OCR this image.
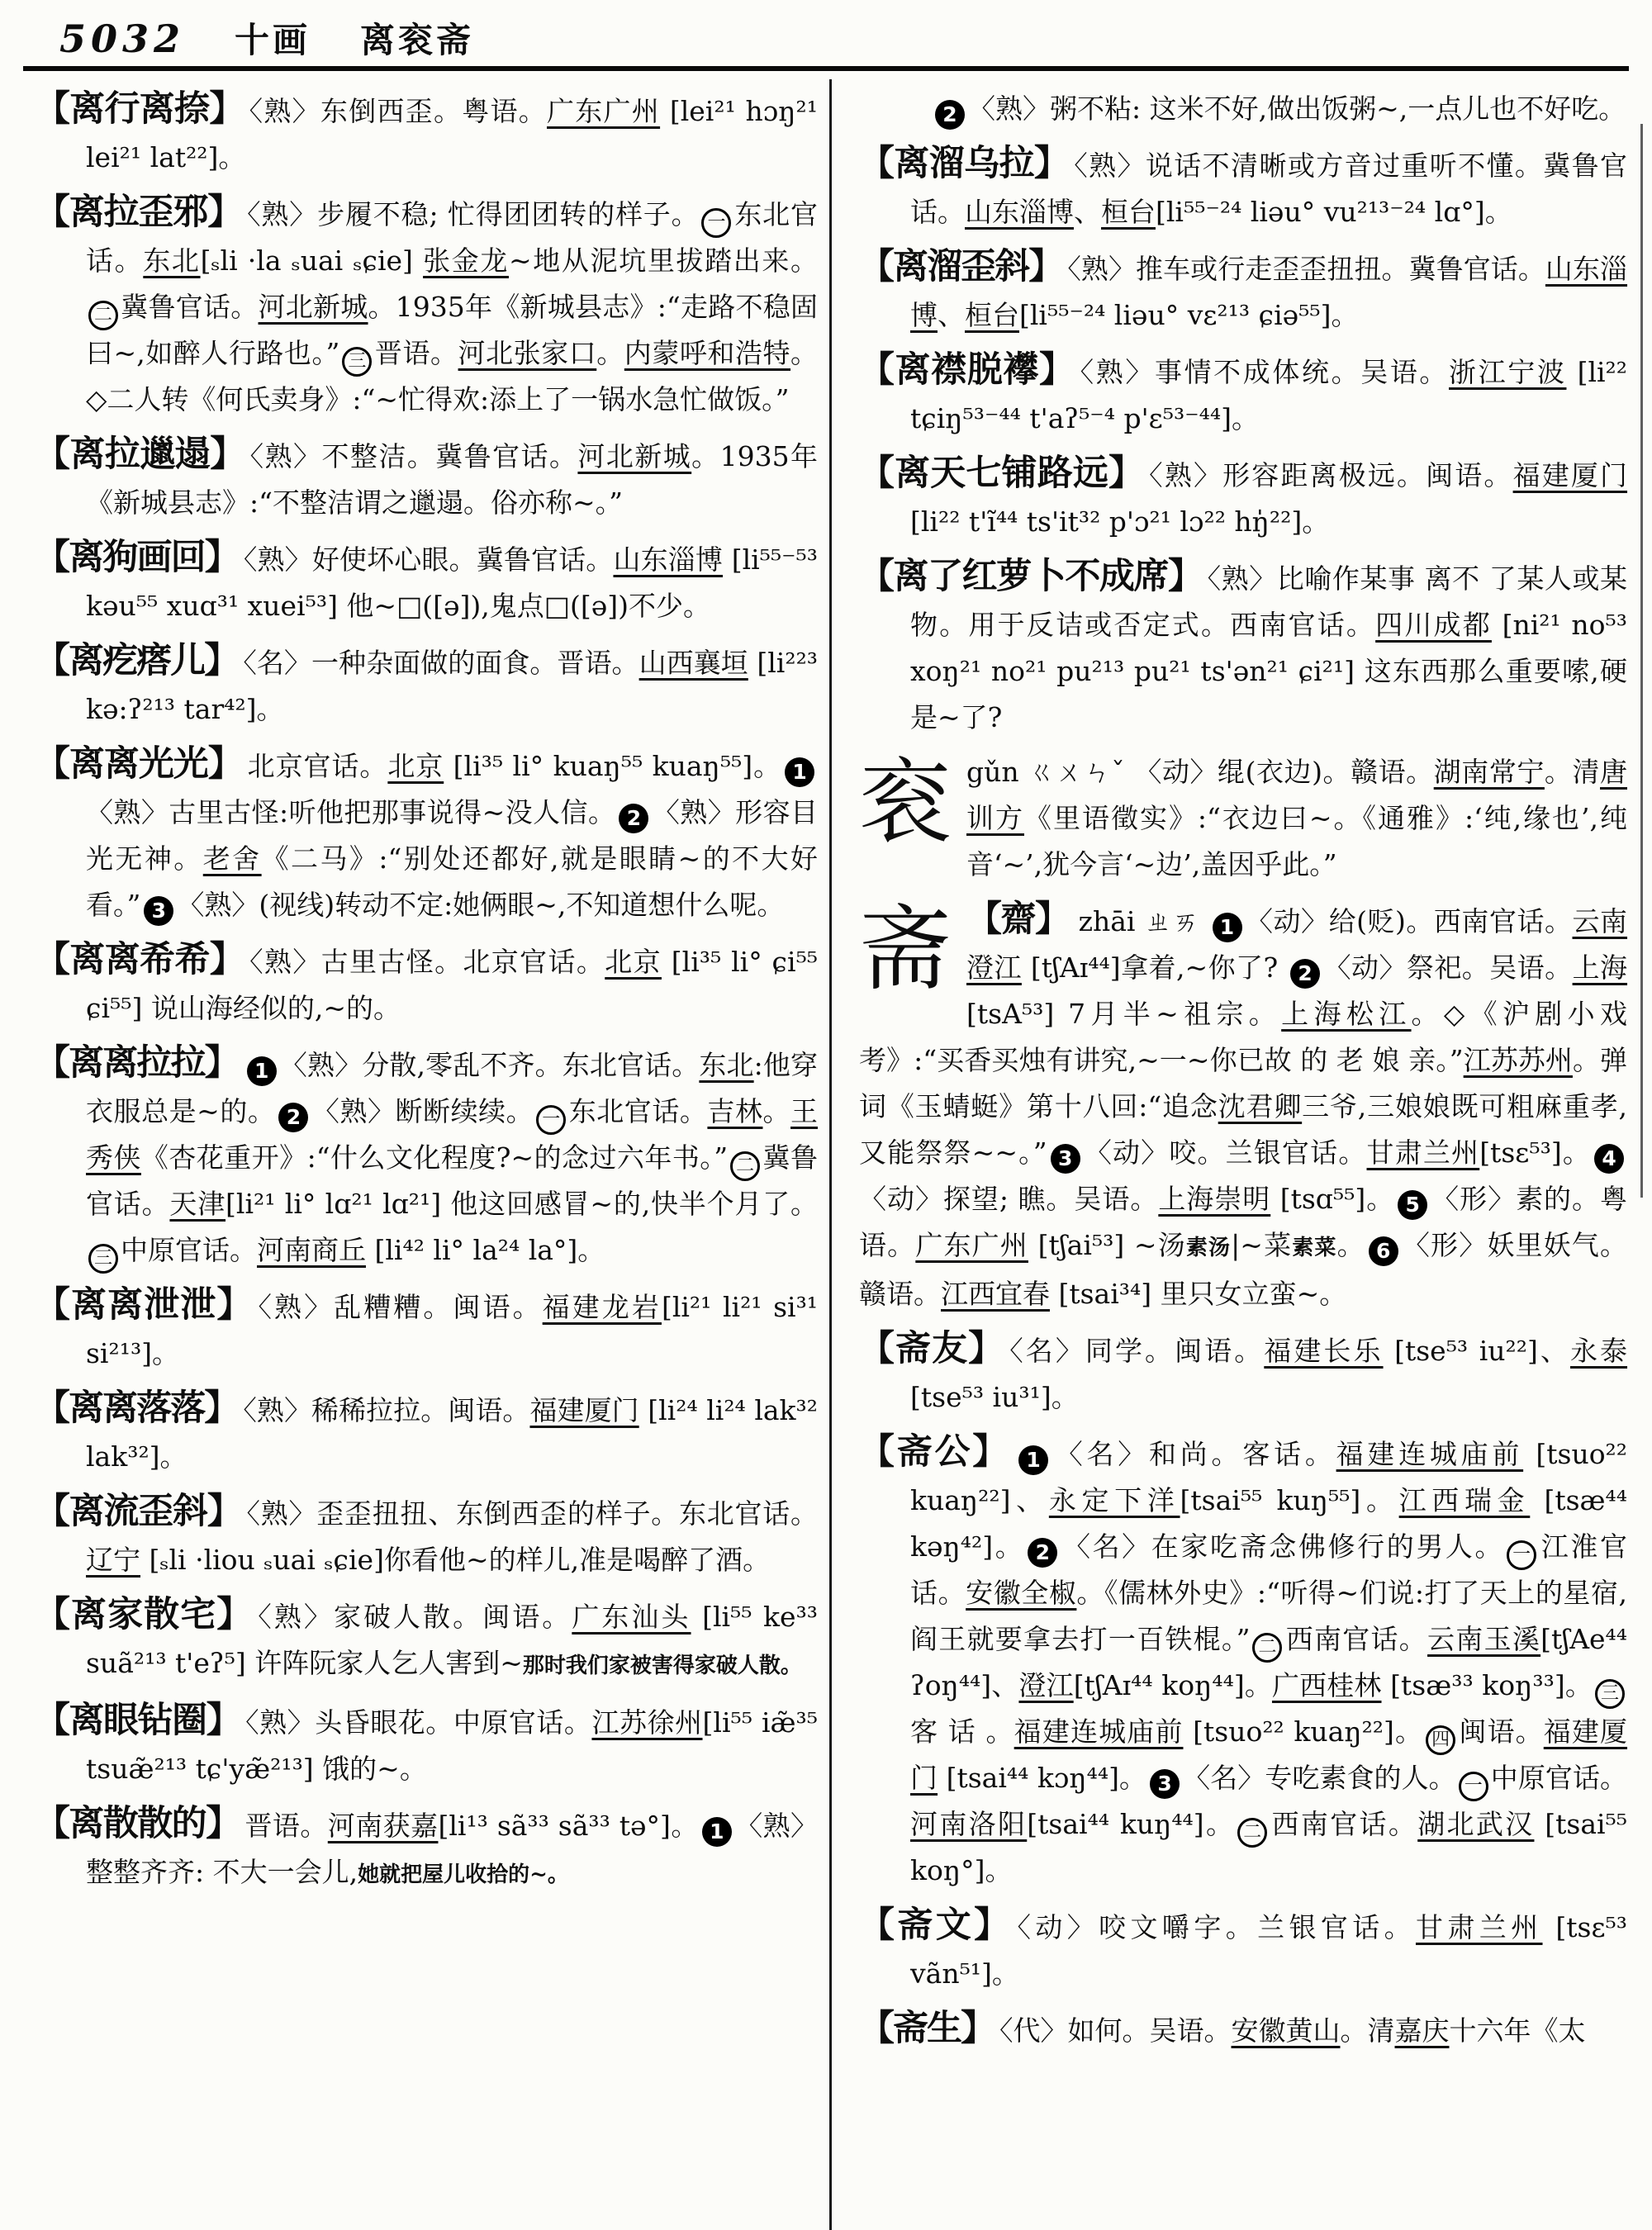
5032 十画 离衮斋

【离行离捺】 〈熟〉东倒西歪。粤语。广东广州 [lei²¹ hɔŋ²¹ lei²¹ lat²²]。

【离拉歪邪】 〈熟〉步履不稳; 忙得团团转的样子。 一 东北官话。东北[ₛli ·la ₛuai ₛɕie] 张金龙~地从泥坑里拔踏出来。二 冀鲁官话。河北新城。1935年《新城县志》:“走路不稳固曰~,如醉人行路也。” 三 晋语。河北张家口。内蒙呼和浩特。◇二人转《何氏卖身》:“~忙得欢:添上了一锅水急忙做饭。”

【离拉邋遢】 〈熟〉不整洁。冀鲁官话。河北新城。1935年《新城县志》:“不整洁谓之邋遢。俗亦称~。”

【离狗画回】 〈熟〉好使坏心眼。冀鲁官话。山东淄博 [li⁵⁵⁻⁵³ kəu⁵⁵ xuɑ³¹ xuei⁵³] 他~□([ə]),鬼点□([ə])不少。

【离疙瘩儿】 〈名〉一种杂面做的面食。晋语。山西襄垣 [li²²³ kə:ʔ²¹³ tar⁴²]。

【离离光光】 北京官话。北京 [li³⁵ li° kuaŋ⁵⁵ kuaŋ⁵⁵]。 1〈熟〉古里古怪:听他把那事说得~没人信。 2 〈熟〉形容目光无神。老舍《二马》:“别处还都好,就是眼睛~的不大好看。” 3 〈熟〉(视线)转动不定:她俩眼~,不知道想什么呢。

【离离希希】 〈熟〉古里古怪。北京官话。北京 [li³⁵ li° ɕi⁵⁵ ɕi⁵⁵] 说山海经似的,~的。

【离离拉拉】 1 〈熟〉分散,零乱不齐。东北官话。东北:他穿衣服总是~的。 2 〈熟〉断断续续。 一 东北官话。吉林。王秀侠《杏花重开》:“什么文化程度?~的念过六年书。” 二 冀鲁官话。天津[li²¹ li° lɑ²¹ lɑ²¹] 他这回感冒~的,快半个月了。三 中原官话。河南商丘 [li⁴² li° la²⁴ la°]。

【离离泄泄】 〈熟〉乱糟糟。闽语。福建龙岩[li²¹ li²¹ si³¹ si²¹³]。

【离离落落】 〈熟〉稀稀拉拉。闽语。福建厦门 [li²⁴ li²⁴ lak³² lak³²]。

【离流歪斜】 〈熟〉歪歪扭扭、东倒西歪的样子。东北官话。辽宁 [ₛli ·liou ₛuai ₛɕie]你看他~的样儿,准是喝醉了酒。

【离家散宅】 〈熟〉家破人散。闽语。广东汕头 [li⁵⁵ ke³³ suã²¹³ t'eʔ⁵] 许阵阮家人乞人害到~那时我们家被害得家破人散。

【离眼钻圈】 〈熟〉头昏眼花。中原官话。江苏徐州[li⁵⁵ iæ̃³⁵ tsuæ̃²¹³ tɕ'yæ̃²¹³] 饿的~。

【离散散的】 晋语。河南获嘉[li¹³ sã³³ sã³³ tə°]。 1 〈熟〉整整齐齐: 不大一会儿,她就把屋儿收拾的~。

2 〈熟〉粥不粘: 这米不好,做出饭粥~,一点儿也不好吃。

【离溜乌拉】 〈熟〉说话不清晰或方音过重听不懂。冀鲁官话。山东淄博、桓台[li⁵⁵⁻²⁴ liəu° vu²¹³⁻²⁴ lɑ°]。

【离溜歪斜】 〈熟〉推车或行走歪歪扭扭。冀鲁官话。山东淄博、桓台[li⁵⁵⁻²⁴ liəu° vɛ²¹³ ɕiə⁵⁵]。

【离襟脱襻】 〈熟〉事情不成体统。吴语。浙江宁波 [li²² tɕiŋ⁵³⁻⁴⁴ t'aʔ⁵⁻⁴ p'ɛ⁵³⁻⁴⁴]。

【离天七铺路远】 〈熟〉形容距离极远。闽语。福建厦门 [li²² t'ĩ⁴⁴ ts'it³² p'ɔ²¹ lɔ²² hŋ̍²²]。

【离了红萝卜不成席】 〈熟〉比喻作某事 离不 了某人或某物。用于反诘或否定式。西南官话。四川成都 [ni²¹ no⁵³ xoŋ²¹ no²¹ pu²¹³ pu²¹ ts'ən²¹ ɕi²¹] 这东西那么重要嗦,硬是~了?

衮gǔn ㄍㄨㄣˇ 〈动〉绲(衣边)。赣语。湖南常宁。清唐训方《里语徵实》:“衣边曰~。《通雅》:‘纯,缘也’,纯音‘~’,犹今言‘~边’,盖因乎此。”

斋 【齋】 zhāi ㄓㄞ 1 〈动〉给(贬)。西南官话。云南澄江 [tʃAɪ⁴⁴]拿着,~你了? 2 〈动〉祭祀。吴语。上海 [tsA⁵³] 7月半~祖宗。上海松江。◇《沪剧小戏考》:“买香买烛有讲究,~一~你已故 的 老 娘 亲。”江苏苏州。弹词《玉蜻蜓》第十八回:“追念沈君卿三爷,三娘娘既可粗麻重孝,又能祭祭~~。” 3 〈动〉咬。兰银官话。甘肃兰州[tsɛ⁵³]。 4〈动〉探望; 瞧。吴语。上海崇明 [tsɑ⁵⁵]。 5 〈形〉素的。粤语。广东广州 [tʃai⁵³] ~汤素汤|~菜素菜。 6 〈形〉妖里妖气。赣语。江西宜春 [tsai³⁴] 里只女立蛮~。

【斋友】 〈名〉同学。闽语。福建长乐 [tse⁵³ iu²²]、永泰 [tse⁵³ iu³¹]。

【斋公】 1 〈名〉和尚。客话。福建连城庙前 [tsuo²² kuaŋ²²]、永定下洋[tsai⁵⁵ kuŋ⁵⁵]。江西瑞金 [tsæ⁴⁴ kəŋ⁴²]。 2 〈名〉在家吃斋念佛修行的男人。 一 江淮官话。安徽全椒。《儒林外史》:“听得~们说:打了天上的星宿,阎王就要拿去打一百铁棍。” 二 西南官话。云南玉溪[tʃAe⁴⁴ ʔoŋ⁴⁴]、澄江[tʃAɪ⁴⁴ koŋ⁴⁴]。广西桂林 [tsæ³³ koŋ³³]。 三客 话 。福建连城庙前 [tsuo²² kuaŋ²²]。 四 闽语。福建厦门 [tsai⁴⁴ kɔŋ⁴⁴]。 3 〈名〉专吃素食的人。 一 中原官话。河南洛阳[tsai⁴⁴ kuŋ⁴⁴]。 二 西南官话。湖北武汉 [tsai⁵⁵ koŋ°]。

【斋文】 〈动〉咬文嚼字。兰银官话。甘肃兰州 [tsɛ⁵³ vãn⁵¹]。

【斋生】 〈代〉如何。吴语。安徽黄山。清嘉庆十六年《太
